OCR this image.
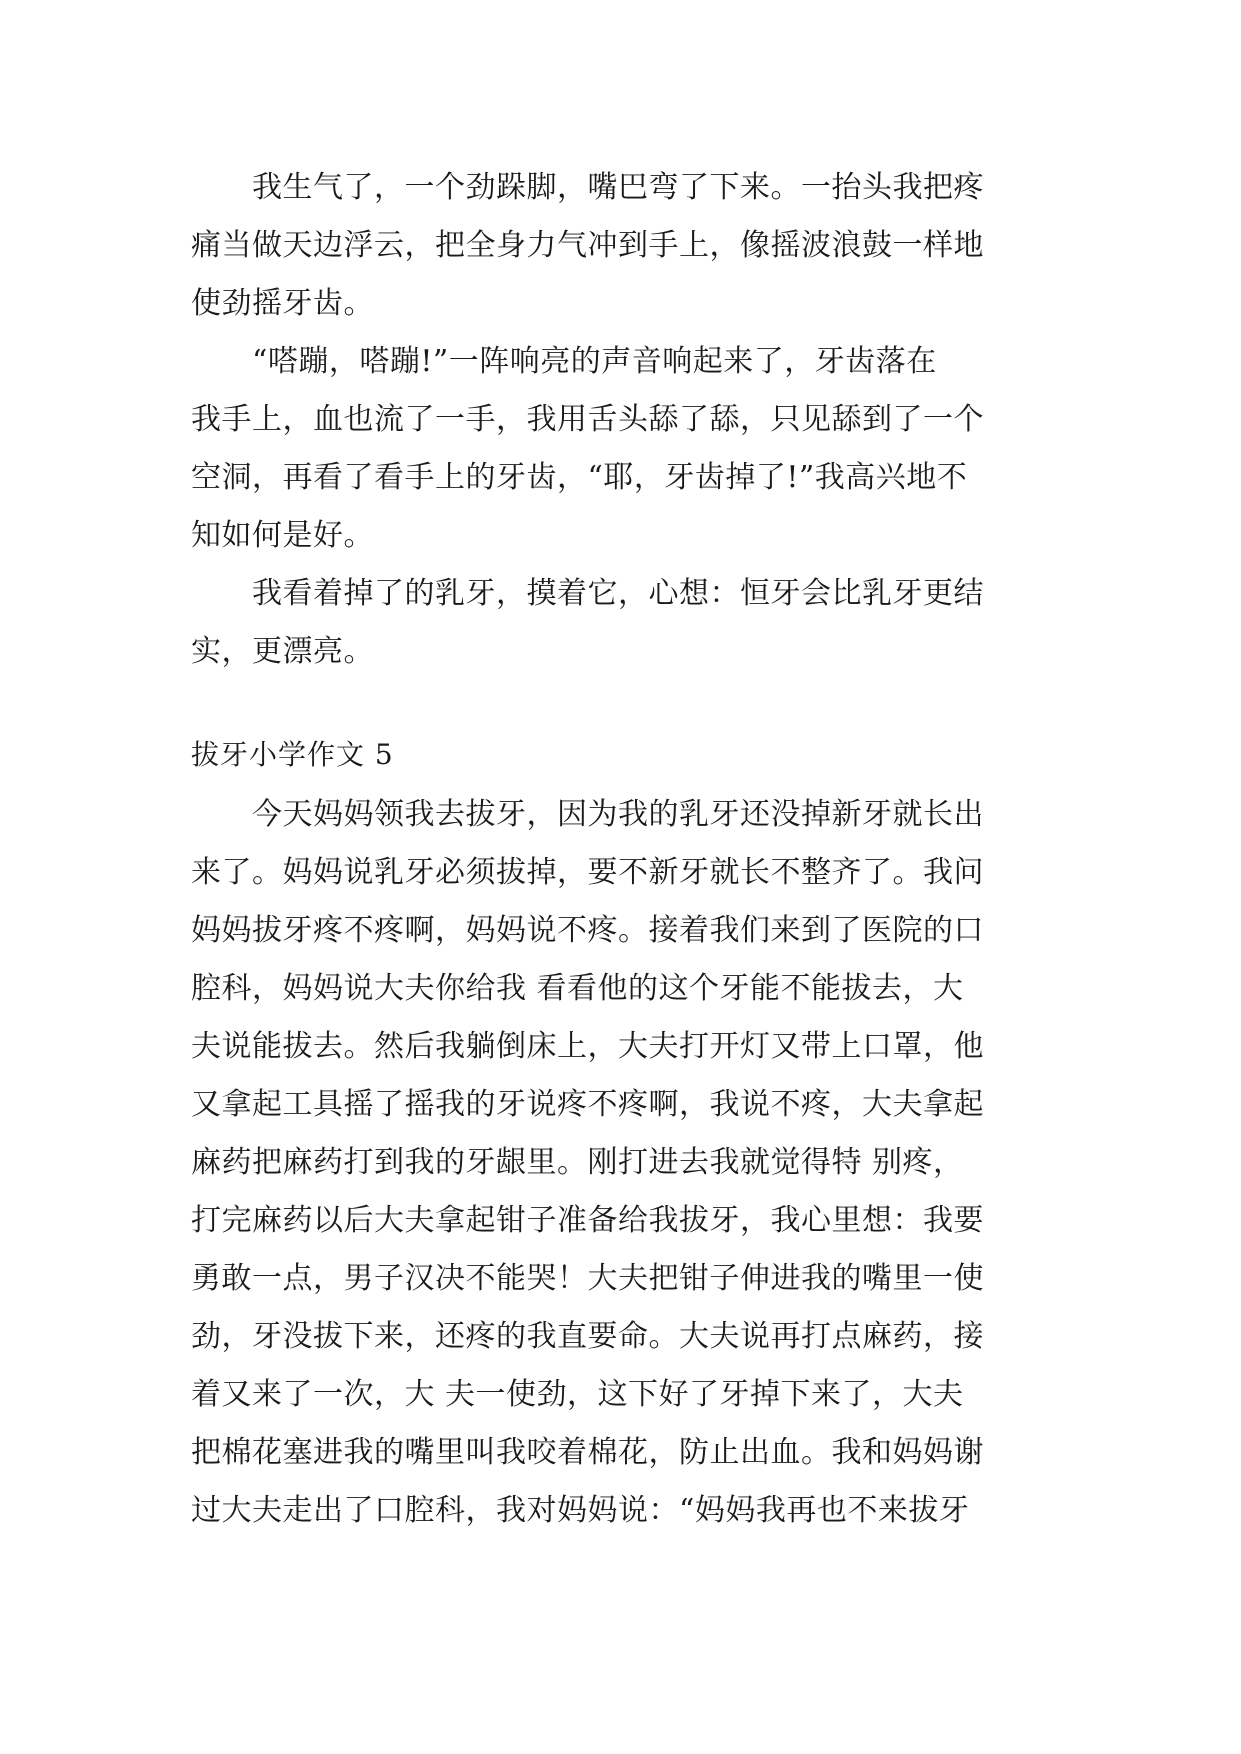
　　我生气了，一个劲跺脚，嘴巴弯了下来。一抬头我把疼
痛当做天边浮云，把全身力气冲到手上，像摇波浪鼓一样地
使劲摇牙齿。
　　“嗒蹦，嗒蹦!”一阵响亮的声音响起来了，牙齿落在
我手上，血也流了一手，我用舌头舔了舔，只见舔到了一个
空洞，再看了看手上的牙齿，“耶，牙齿掉了!”我高兴地不
知如何是好。
　　我看着掉了的乳牙，摸着它，心想：恒牙会比乳牙更结
实，更漂亮。
拔牙小学作文 5
　　今天妈妈领我去拔牙，因为我的乳牙还没掉新牙就长出
来了。妈妈说乳牙必须拔掉，要不新牙就长不整齐了。我问
妈妈拔牙疼不疼啊，妈妈说不疼。接着我们来到了医院的口
腔科，妈妈说大夫你给我 看看他的这个牙能不能拔去，大
夫说能拔去。然后我躺倒床上，大夫打开灯又带上口罩，他
又拿起工具摇了摇我的牙说疼不疼啊，我说不疼，大夫拿起
麻药把麻药打到我的牙龈里。刚打进去我就觉得特 别疼，
打完麻药以后大夫拿起钳子准备给我拔牙，我心里想：我要
勇敢一点，男子汉决不能哭！大夫把钳子伸进我的嘴里一使
劲，牙没拔下来，还疼的我直要命。大夫说再打点麻药，接
着又来了一次，大 夫一使劲，这下好了牙掉下来了，大夫
把棉花塞进我的嘴里叫我咬着棉花，防止出血。我和妈妈谢
过大夫走出了口腔科，我对妈妈说：“妈妈我再也不来拔牙
